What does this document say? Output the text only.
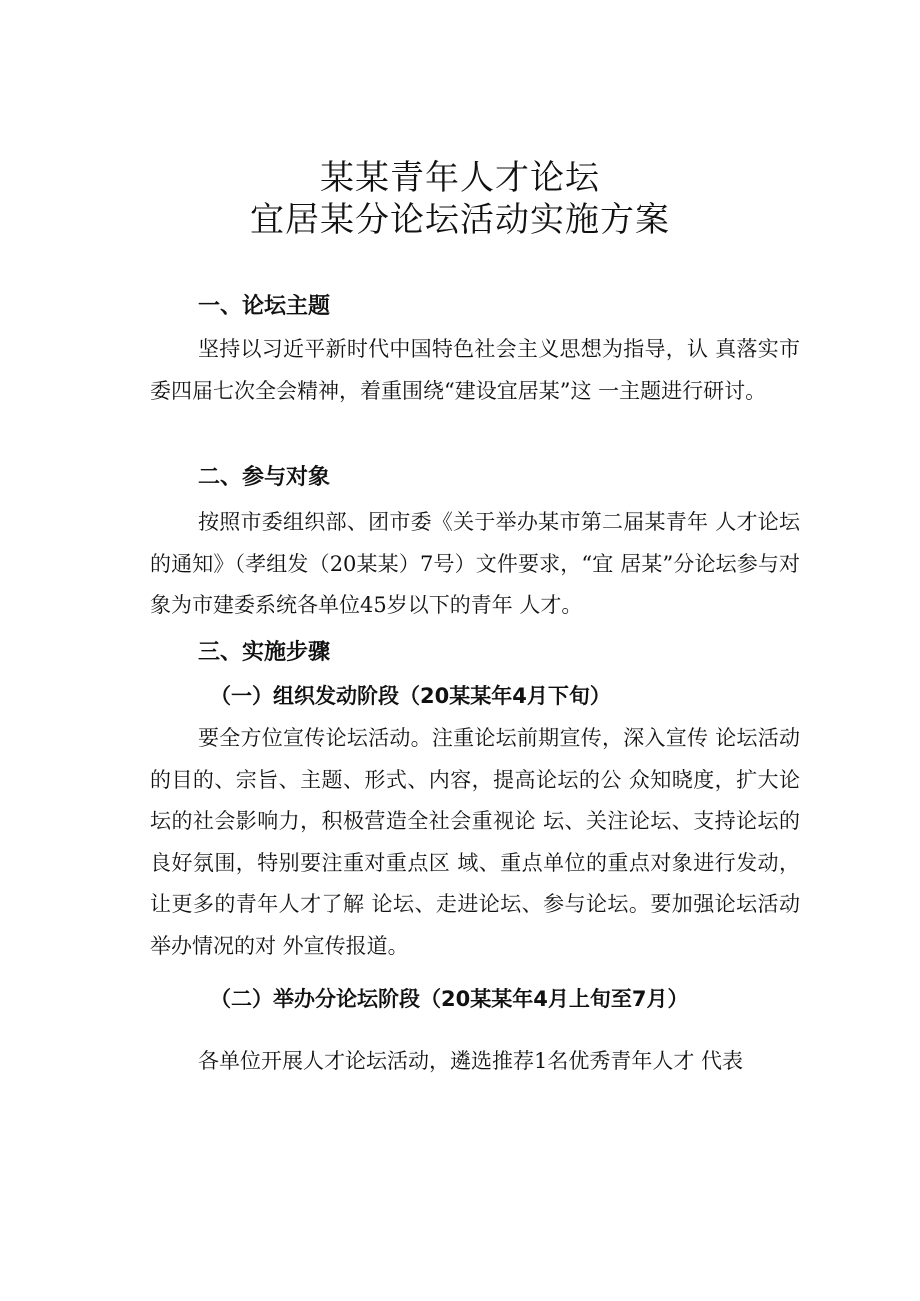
某某青年人才论坛
宜居某分论坛活动实施方案
一、论坛主题

坚持以习近平新时代中国特色社会主义思想为指导，认 真落实市委四届七次全会精神，着重围绕“建设宜居某”这 一主题进行研讨。

二、参与对象

按照市委组织部、团市委《关于举办某市第二届某青年 人才论坛的通知》（孝组发（20某某）7号）文件要求，“宜 居某”分论坛参与对象为市建委系统各单位45岁以下的青年 人才。

三、实施步骤
（一）组织发动阶段（20某某年4月下旬）

要全方位宣传论坛活动。注重论坛前期宣传，深入宣传 论坛活动的目的、宗旨、主题、形式、内容，提高论坛的公 众知晓度，扩大论坛的社会影响力，积极营造全社会重视论 坛、关注论坛、支持论坛的良好氛围，特别要注重对重点区 域、重点单位的重点对象进行发动，让更多的青年人才了解 论坛、走进论坛、参与论坛。要加强论坛活动举办情况的对 外宣传报道。

（二）举办分论坛阶段（20某某年4月上旬至7月）

各单位开展人才论坛活动，遴选推荐1名优秀青年人才 代表
